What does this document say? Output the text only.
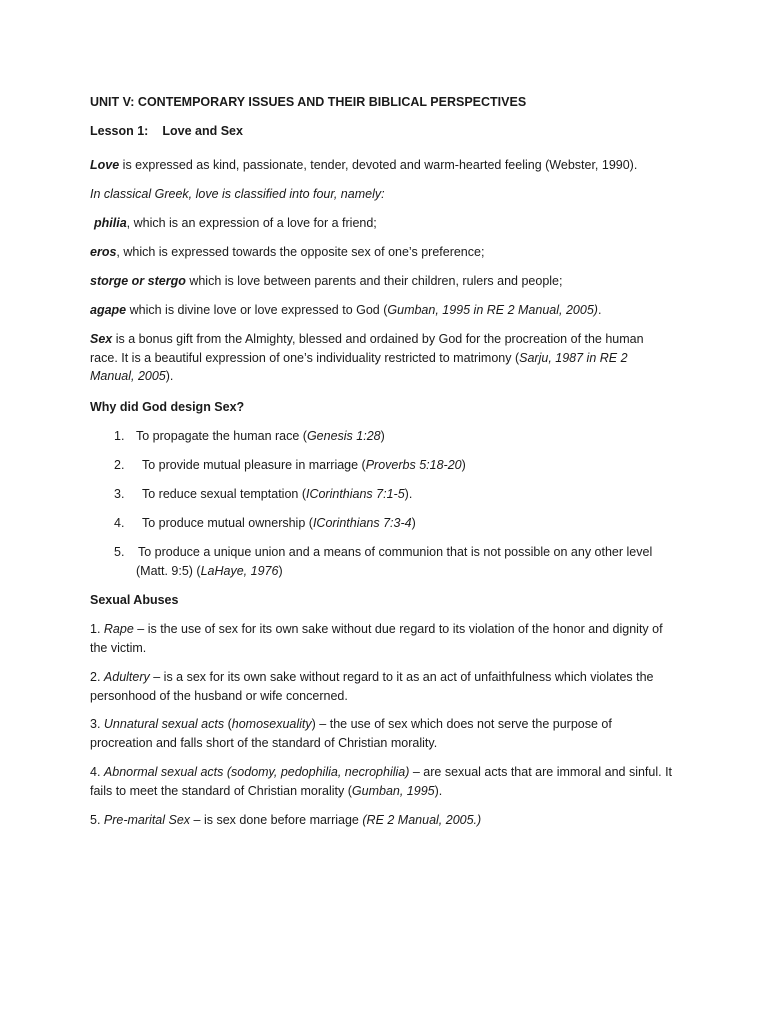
UNIT V: CONTEMPORARY ISSUES AND THEIR BIBLICAL PERSPECTIVES

Lesson 1: Love and Sex

Love is expressed as kind, passionate, tender, devoted and warm-hearted feeling (Webster, 1990).

In classical Greek, love is classified into four, namely:

philia, which is an expression of a love for a friend;

eros, which is expressed towards the opposite sex of one’s preference;

storge or stergo which is love between parents and their children, rulers and people;

agape which is divine love or love expressed to God (Gumban, 1995 in RE 2 Manual, 2005).

Sex is a bonus gift from the Almighty, blessed and ordained by God for the procreation of the human race. It is a beautiful expression of one’s individuality restricted to matrimony (Sarju, 1987 in RE 2 Manual, 2005).

Why did God design Sex?

1. To propagate the human race (Genesis 1:28)

2. To provide mutual pleasure in marriage (Proverbs 5:18-20)

3. To reduce sexual temptation (ICorinthians 7:1-5).

4. To produce mutual ownership (ICorinthians 7:3-4)

5. To produce a unique union and a means of communion that is not possible on any other level (Matt. 9:5) (LaHaye, 1976)

Sexual Abuses

1. Rape – is the use of sex for its own sake without due regard to its violation of the honor and dignity of the victim.

2. Adultery – is a sex for its own sake without regard to it as an act of unfaithfulness which violates the personhood of the husband or wife concerned.

3. Unnatural sexual acts (homosexuality) – the use of sex which does not serve the purpose of procreation and falls short of the standard of Christian morality.

4. Abnormal sexual acts (sodomy, pedophilia, necrophilia) – are sexual acts that are immoral and sinful. It fails to meet the standard of Christian morality (Gumban, 1995).

5. Pre-marital Sex – is sex done before marriage (RE 2 Manual, 2005.)
